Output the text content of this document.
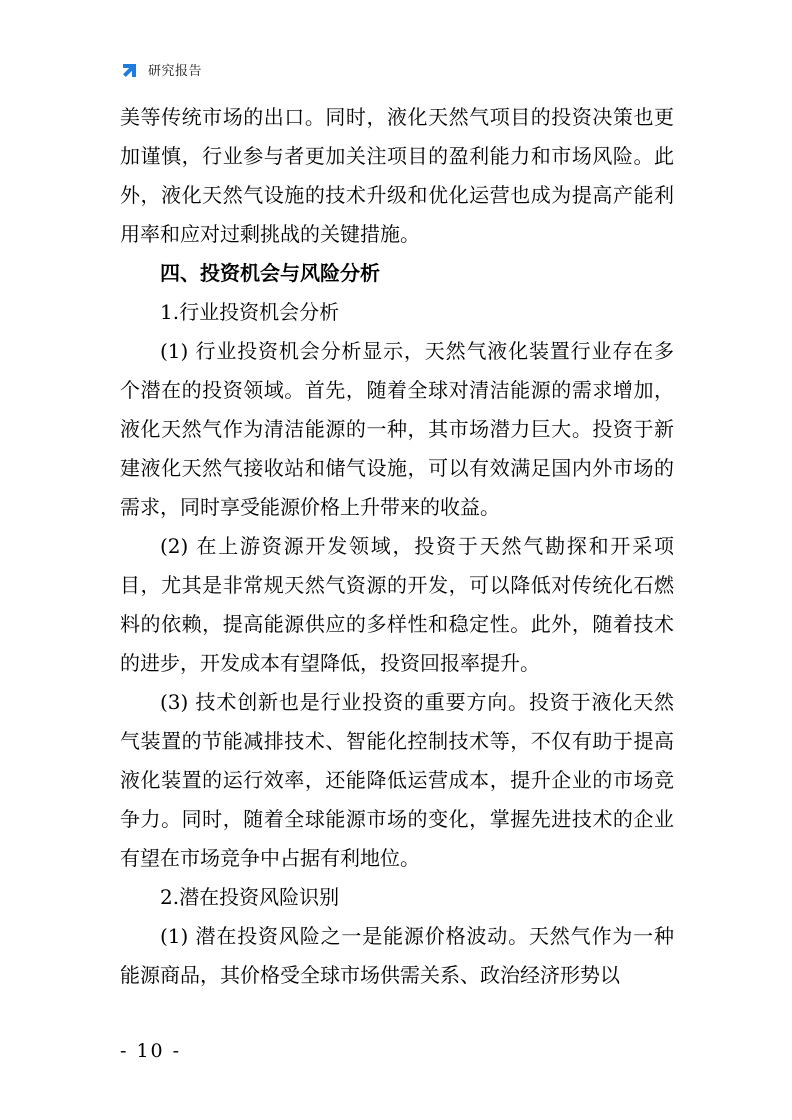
研究报告

美等传统市场的出口。同时，液化天然气项目的投资决策也更加谨慎，行业参与者更加关注项目的盈利能力和市场风险。此外，液化天然气设施的技术升级和优化运营也成为提高产能利用率和应对过剩挑战的关键措施。

四、投资机会与风险分析

1.行业投资机会分析

(1) 行业投资机会分析显示，天然气液化装置行业存在多个潜在的投资领域。首先，随着全球对清洁能源的需求增加，液化天然气作为清洁能源的一种，其市场潜力巨大。投资于新建液化天然气接收站和储气设施，可以有效满足国内外市场的需求，同时享受能源价格上升带来的收益。

(2) 在上游资源开发领域，投资于天然气勘探和开采项目，尤其是非常规天然气资源的开发，可以降低对传统化石燃料的依赖，提高能源供应的多样性和稳定性。此外，随着技术的进步，开发成本有望降低，投资回报率提升。

(3) 技术创新也是行业投资的重要方向。投资于液化天然气装置的节能减排技术、智能化控制技术等，不仅有助于提高液化装置的运行效率，还能降低运营成本，提升企业的市场竞争力。同时，随着全球能源市场的变化，掌握先进技术的企业有望在市场竞争中占据有利地位。

2.潜在投资风险识别

(1) 潜在投资风险之一是能源价格波动。天然气作为一种能源商品，其价格受全球市场供需关系、政治经济形势以

- 10 -
